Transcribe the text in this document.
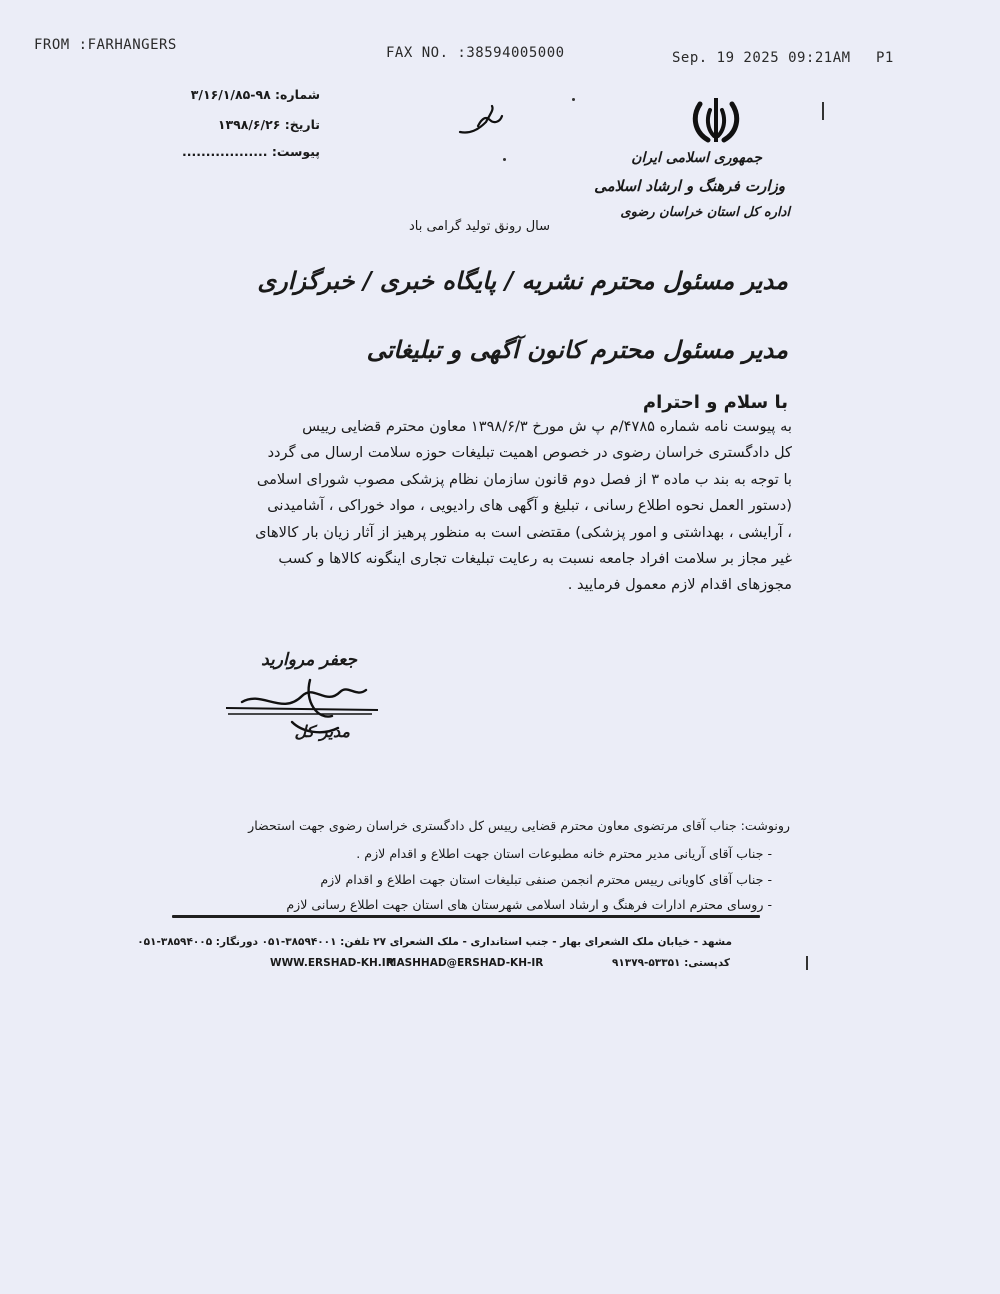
FROM :FARHANGERS	FAX NO. :38594005000	Sep. 19 2025 09:21AM P1
جمهوری اسلامی ایران
وزارت فرهنگ و ارشاد اسلامی
اداره کل استان خراسان رضوی
شماره: ۹۸-۳/۱۶/۱/۸۵
تاریخ: ۱۳۹۸/۶/۲۶
پیوست: ..................
سال رونق تولید گرامی باد
مدیر مسئول محترم نشریه / پایگاه خبری / خبرگزاری
مدیر مسئول محترم کانون آگهی و تبلیغاتی
با سلام و احترام

به پیوست نامه شماره ۴۷۸۵/م پ ش مورخ ۱۳۹۸/۶/۳ معاون محترم قضایی رییس

کل دادگستری خراسان رضوی در خصوص اهمیت تبلیغات حوزه سلامت ارسال می گردد

با توجه به بند ب ماده ۳ از فصل دوم قانون سازمان نظام پزشکی مصوب شورای اسلامی

(دستور العمل نحوه اطلاع رسانی ، تبلیغ و آگهی های رادیویی ، مواد خوراکی ، آشامیدنی

، آرایشی ، بهداشتی و امور پزشکی) مقتضی است به منظور پرهیز از آثار زیان بار کالاهای

غیر مجاز بر سلامت افراد جامعه نسبت به رعایت تبلیغات تجاری اینگونه کالاها و کسب

مجوزهای اقدام لازم معمول فرمایید .

جعفر مروارید
مدیر کل
رونوشت: جناب آقای مرتضوی معاون محترم قضایی رییس کل دادگستری خراسان رضوی جهت استحضار
- جناب آقای آریانی مدیر محترم خانه مطبوعات استان جهت اطلاع و اقدام لازم .
- جناب آقای کاویانی رییس محترم انجمن صنفی تبلیغات استان جهت اطلاع و اقدام لازم
- روسای محترم ادارات فرهنگ و ارشاد اسلامی شهرستان های استان جهت اطلاع رسانی لازم
مشهد - خیابان ملک الشعرای بهار - جنب استانداری - ملک الشعرای ۲۷ تلفن: ۳۸۵۹۴۰۰۱-۰۵۱ دورنگار: ۳۸۵۹۴۰۰۵-۰۵۱
WWW.ERSHAD-KH.IR
MASHHAD@ERSHAD-KH-IR	کدپستی: ۵۳۳۵۱-۹۱۳۷۹
